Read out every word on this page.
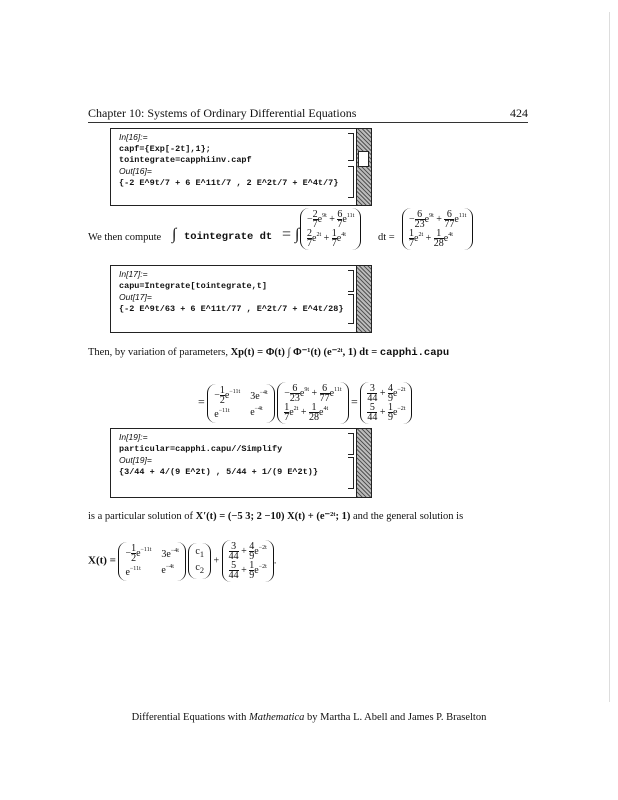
Chapter 10: Systems of Ordinary Differential Equations	424
In[16]:=
capf={Exp[-2t],1};
tointegrate=capphiinv.capf
Out[16]=
{-2 E^9t/7 + 6 E^11t/7 , 2 E^2t/7 + E^4t/7}
We then compute ∫ tointegrate dt = ∫
− $\frac{2}{7} e^{9t} + \frac{6}{7} e^{11t}$
$\frac{2}{7} e^{2t} + \frac{1}{7} e^{4t}$	dt =
− $\frac{6}{23} e^{9t} + \frac{6}{77} e^{11t}$
$\frac{1}{7} e^{2t} + \frac{1}{28} e^{4t}$
In[17]:=
capu=Integrate[tointegrate,t]
Out[17]=
{-2 E^9t/63 + 6 E^11t/77 , E^2t/7 + E^4t/28}
Then, by variation of parameters, Xp(t) = Φ(t) ∫ Φ⁻¹(t) (e⁻²ᵗ, 1) dt = capphi.capu
= − $\frac{1}{2} e^{-11t}$
$e^{-11t}$
$3e^{-4t}$
$e^{-4t}$

− $\frac{6}{23} e^{9t} + \frac{6}{77} e^{11t}$
$\frac{1}{7} e^{2t} + \frac{1}{28} e^{4t}$
= $\frac{3}{44} + \frac{4}{9} e^{-2t}$
$\frac{5}{44} + \frac{1}{9} e^{-2t}$
In[19]:=
particular=capphi.capu//Simplify
Out[19]=
{3/44 + 4/(9 E^2t) , 5/44 + 1/(9 E^2t)}
is a particular solution of X′(t) = (−5 3; 2 −10) X(t) + (e⁻²ᵗ; 1) and the general solution is
X(t) =
− $\frac{1}{2} e^{-11t}$
$e^{-11t}$
$3e^{-4t}$
$e^{-4t}$

$c_1$
$c_2$
+ $\frac{3}{44} + \frac{4}{9} e^{-2t}$
$\frac{5}{44} + \frac{1}{9} e^{-2t}$
.
Differential Equations with Mathematica by Martha L. Abell and James P. Braselton
